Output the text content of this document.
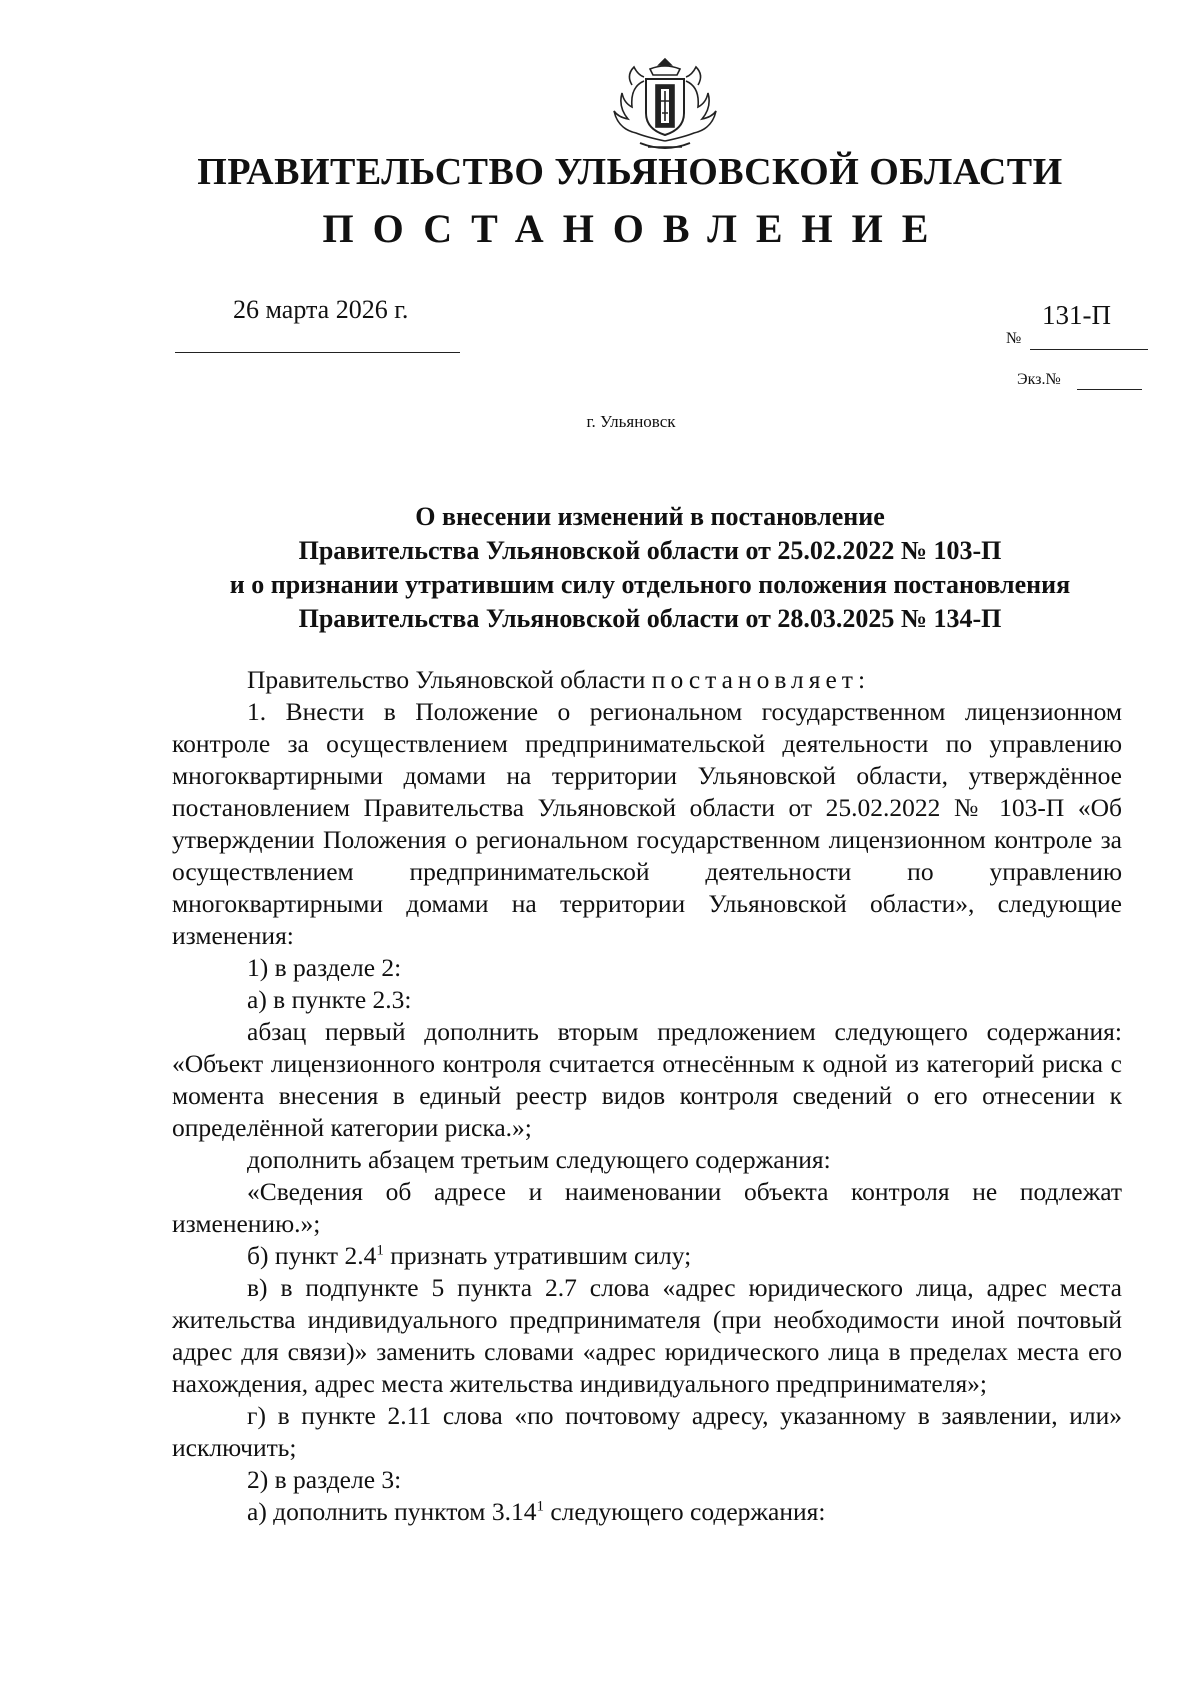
ПРАВИТЕЛЬСТВО УЛЬЯНОВСКОЙ ОБЛАСТИ
ПОСТАНОВЛЕНИЕ
26 марта 2026 г.	131-П
№
Экз.№
г. Ульяновск
О внесении изменений в постановление
Правительства Ульяновской области от 25.02.2022 № 103-П
и о признании утратившим силу отдельного положения постановления
Правительства Ульяновской области от 28.03.2025 № 134-П

Правительство Ульяновской области постановляет:

1. Внести в Положение о региональном государственном лицензионном контроле за осуществлением предпринимательской деятельности по управлению многоквартирными домами на территории Ульяновской области, утверждённое постановлением Правительства Ульяновской области от 25.02.2022 № 103-П «Об утверждении Положения о региональном государственном лицензионном контроле за осуществлением предпринимательской деятельности по управлению многоквартирными домами на территории Ульяновской области», следующие изменения:

1) в разделе 2:

а) в пункте 2.3:

абзац первый дополнить вторым предложением следующего содержания: «Объект лицензионного контроля считается отнесённым к одной из категорий риска с момента внесения в единый реестр видов контроля сведений о его отнесении к определённой категории риска.»;

дополнить абзацем третьим следующего содержания:

«Сведения об адресе и наименовании объекта контроля не подлежат изменению.»;

б) пункт $2.4^1$ признать утратившим силу;

в) в подпункте 5 пункта 2.7 слова «адрес юридического лица, адрес места жительства индивидуального предпринимателя (при необходимости иной почтовый адрес для связи)» заменить словами «адрес юридического лица в пределах места его нахождения, адрес места жительства индивидуального предпринимателя»;

г) в пункте 2.11 слова «по почтовому адресу, указанному в заявлении, или» исключить;

2) в разделе 3:

а) дополнить пунктом 3.14$^1$ следующего содержания:
